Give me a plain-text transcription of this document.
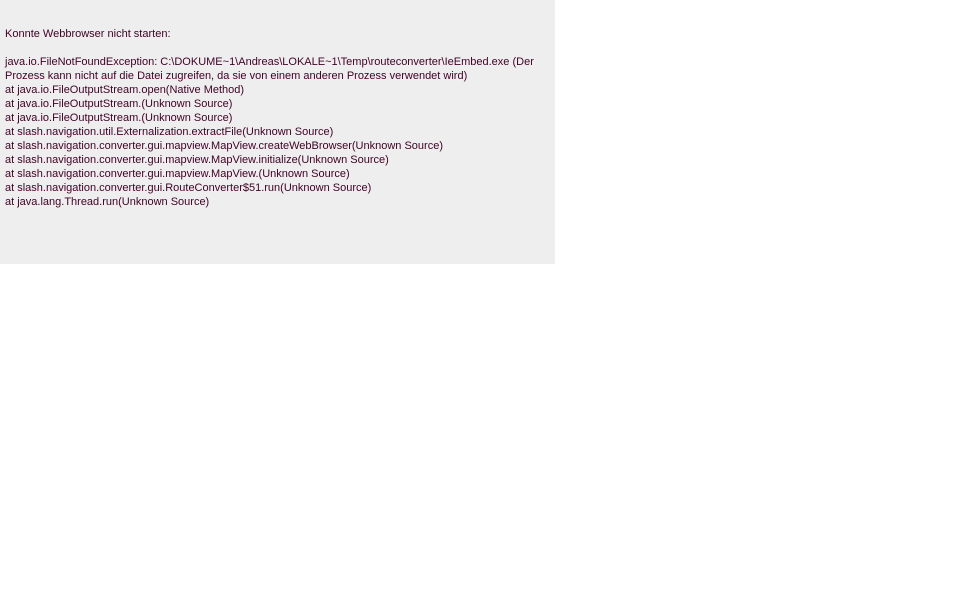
Konnte Webbrowser nicht starten:

java.io.FileNotFoundException: C:\DOKUME~1\Andreas\LOKALE~1\Temp\routeconverter\IeEmbed.exe (Der Prozess kann nicht auf die Datei zugreifen, da sie von einem anderen Prozess verwendet wird)

at java.io.FileOutputStream.open(Native Method)

at java.io.FileOutputStream.(Unknown Source)

at java.io.FileOutputStream.(Unknown Source)

at slash.navigation.util.Externalization.extractFile(Unknown Source)

at slash.navigation.converter.gui.mapview.MapView.createWebBrowser(Unknown Source)

at slash.navigation.converter.gui.mapview.MapView.initialize(Unknown Source)

at slash.navigation.converter.gui.mapview.MapView.(Unknown Source)

at slash.navigation.converter.gui.RouteConverter$51.run(Unknown Source)

at java.lang.Thread.run(Unknown Source)
